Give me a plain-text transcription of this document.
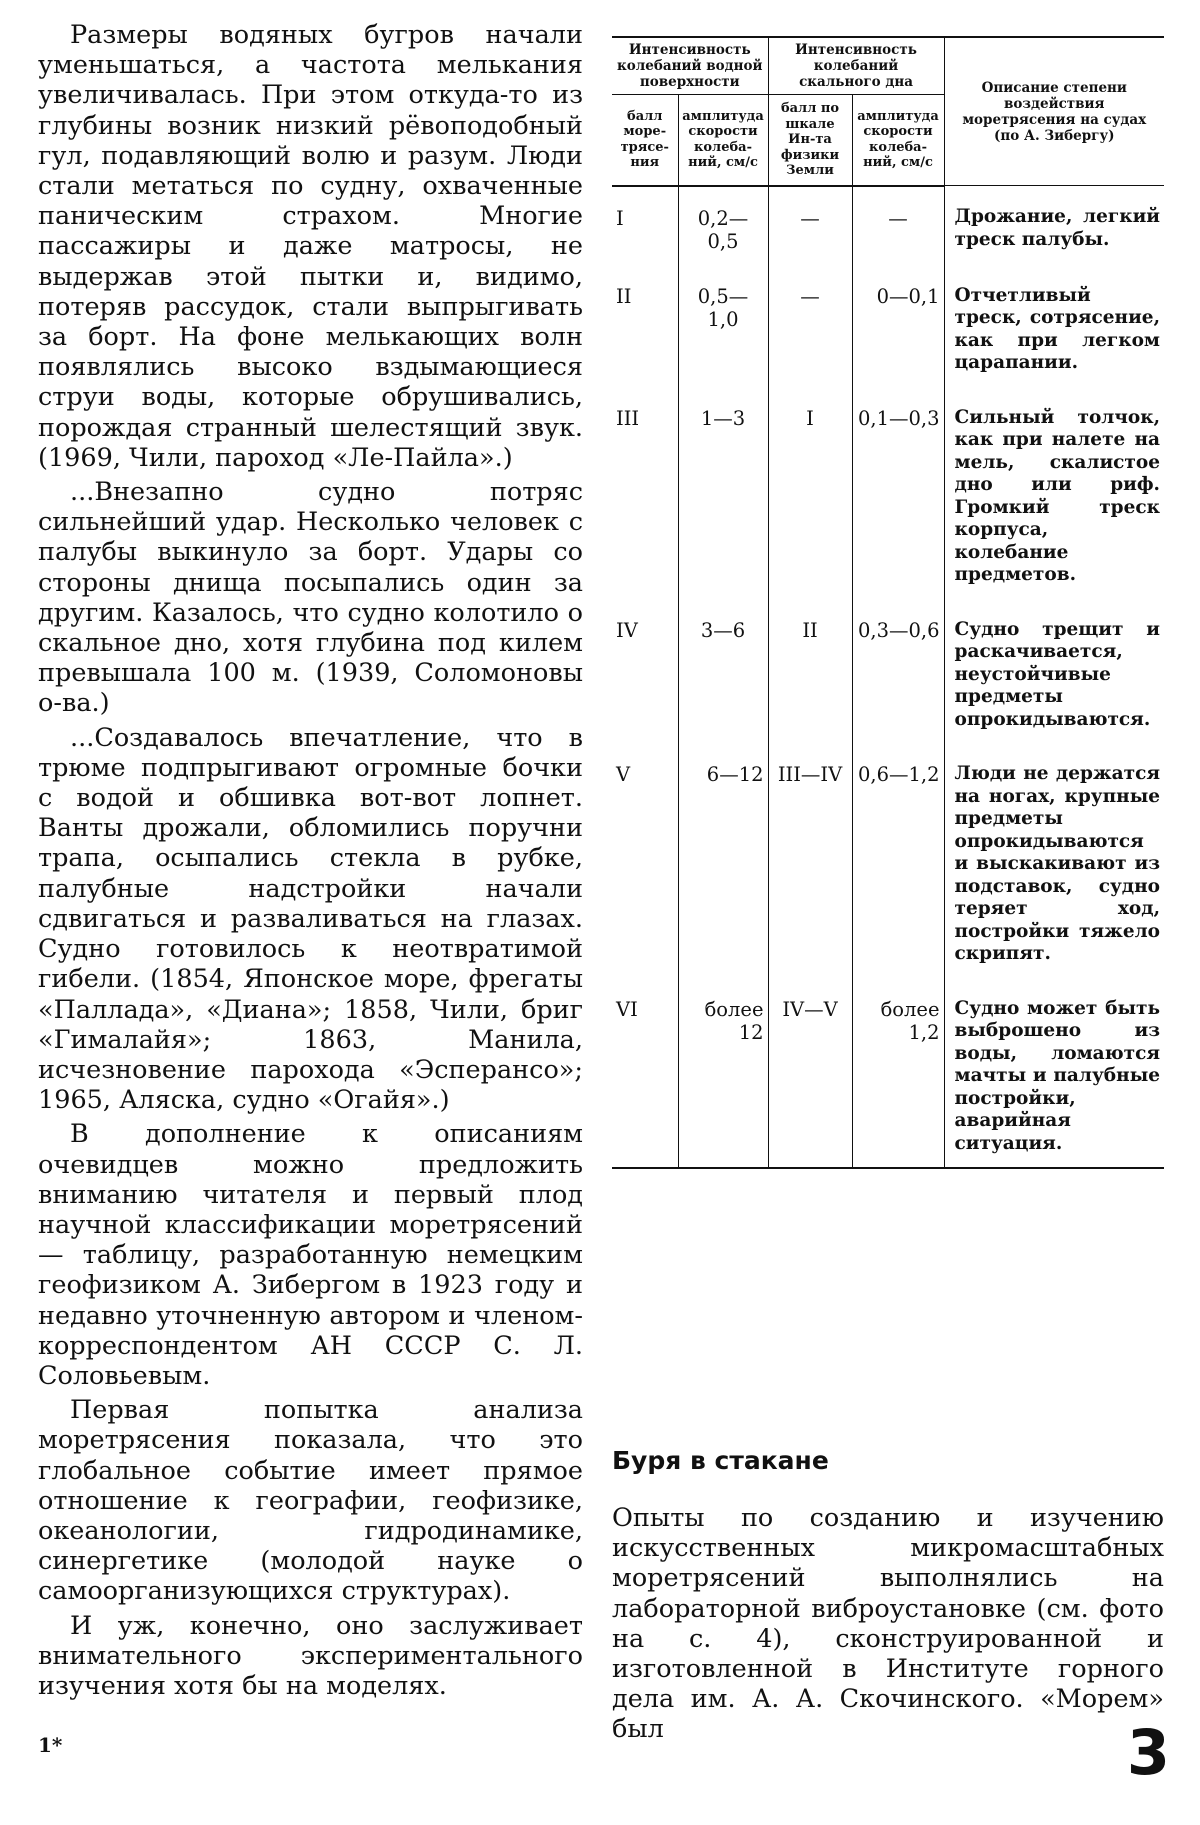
Размеры водяных бугров начали уменьшаться, а частота мелькания увеличивалась. При этом откуда-то из глубины возник низкий рёвоподобный гул, подавляющий волю и разум. Люди стали метаться по судну, охваченные паническим страхом. Многие пассажиры и даже матросы, не выдержав этой пытки и, видимо, потеряв рассудок, стали выпрыгивать за борт. На фоне мелькающих волн появлялись высоко вздымающиеся струи воды, которые обрушивались, порождая странный шелестящий звук. (1969, Чили, пароход «Ле-Пайла».)

...Внезапно судно потряс сильнейший удар. Несколько человек с палубы выкинуло за борт. Удары со стороны днища посыпались один за другим. Казалось, что судно колотило о скальное дно, хотя глубина под килем превышала 100 м. (1939, Соломоновы о-ва.)

...Создавалось впечатление, что в трюме подпрыгивают огромные бочки с водой и обшивка вот-вот лопнет. Ванты дрожали, обломились поручни трапа, осыпались стекла в рубке, палубные надстройки начали сдвигаться и разваливаться на глазах. Судно готовилось к неотвратимой гибели. (1854, Японское море, фрегаты «Паллада», «Диана»; 1858, Чили, бриг «Гималайя»; 1863, Манила, исчезновение парохода «Эсперансо»; 1965, Аляска, судно «Огайя».)

В дополнение к описаниям очевидцев можно предложить вниманию читателя и первый плод научной классификации моретрясений — таблицу, разработанную немецким геофизиком А. Зибергом в 1923 году и недавно уточненную автором и членом-корреспондентом АН СССР С. Л. Соловьевым.

Первая попытка анализа моретрясения показала, что это глобальное событие имеет прямое отношение к географии, геофизике, океанологии, гидродинамике, синергетике (молодой науке о самоорганизующихся структурах).

И уж, конечно, оно заслуживает внимательного экспериментального изучения хотя бы на моделях.

Интенсивность колебаний водной поверхности		Интенсивность колебаний скального дна		Описание степени воздействия моретрясения на судах (по А. Зибергу)
балл море-трясе-ния	амплитуда скорости колеба-ний, см/с	балл по шкале Ин-та физики Земли	амплитуда скорости колеба-ний, см/с	
I	0,2—0,5	—	—	Дрожание, легкий треск палубы.
II	0,5—1,0	—	0—0,1	Отчетливый треск, сотрясение, как при легком царапании.
III	1—3	I	0,1—0,3	Сильный толчок, как при налете на мель, скалистое дно или риф. Громкий треск корпуса, колебание предметов.
IV	3—6	II	0,3—0,6	Судно трещит и раскачивается, неустойчивые предметы опрокидываются.
V	6—12	III—IV	0,6—1,2	Люди не держатся на ногах, крупные предметы опрокидываются и выскакивают из подставок, судно теряет ход, постройки тяжело скрипят.
VI	более 12	IV—V	более 1,2	Судно может быть выброшено из воды, ломаются мачты и палубные постройки, аварийная ситуация.
Буря в стакане

Опыты по созданию и изучению искусственных микромасштабных моретрясений выполнялись на лабораторной виброустановке (см. фото на с. 4), сконструированной и изготовленной в Институте горного дела им. А. А. Скочинского. «Морем» был

1*	3
